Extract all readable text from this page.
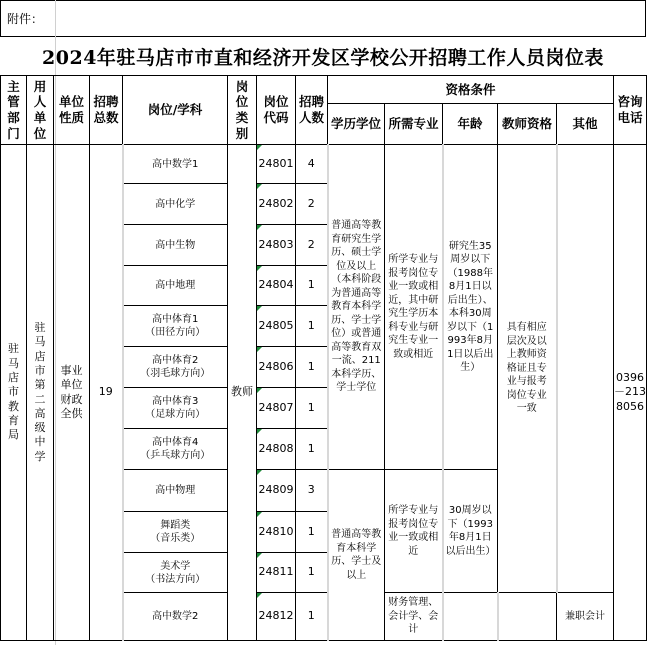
附件：
2024年驻马店市市直和经济开发区学校公开招聘工作人员岗位表
主管部门	用人单位	单位性质	招聘总数	岗位/学科	岗位类别	岗位代码	招聘人数	资格条件					咨询电话
								学历学位	所需专业	年龄	教师资格	其他	
驻马店市教育局	驻马店市第二高级中学	事业单位财政全供	19	高中数学1	教师	24801	4	普通高等教育研究生学历、硕士学位及以上（本科阶段为普通高等教育本科学历、学士学位）或普通高等教育双一流、211本科学历、学士学位	所学专业与报考岗位专业一致或相近，其中研究生学历本科专业与研究生专业一致或相近	研究生35周岁以下（1988年8月1日以后出生）、本科30周岁以下（1993年8月1日以后出生）	具有相应层次及以上教师资格证且专业与报考岗位专业一致		0396－2138056
				高中化学		24802	2						
				高中生物		24803	2						
				高中地理		24804	1						
				高中体育1
（田径方向）		24805	1						
				高中体育2
（羽毛球方向）		24806	1						
				高中体育3
（足球方向）		24807	1						
				高中体育4
（乒乓球方向）		24808	1						
				高中物理		24809	3	普通高等教育本科学历、学士及以上	所学专业与报考岗位专业一致或相近	30周岁以下（1993年8月1日以后出生）			
				舞蹈类
（音乐类）		24810	1						
				美术学
（书法方向）		24811	1						
				高中数学2		24812	1		财务管理、会计学、会计			兼职会计	
